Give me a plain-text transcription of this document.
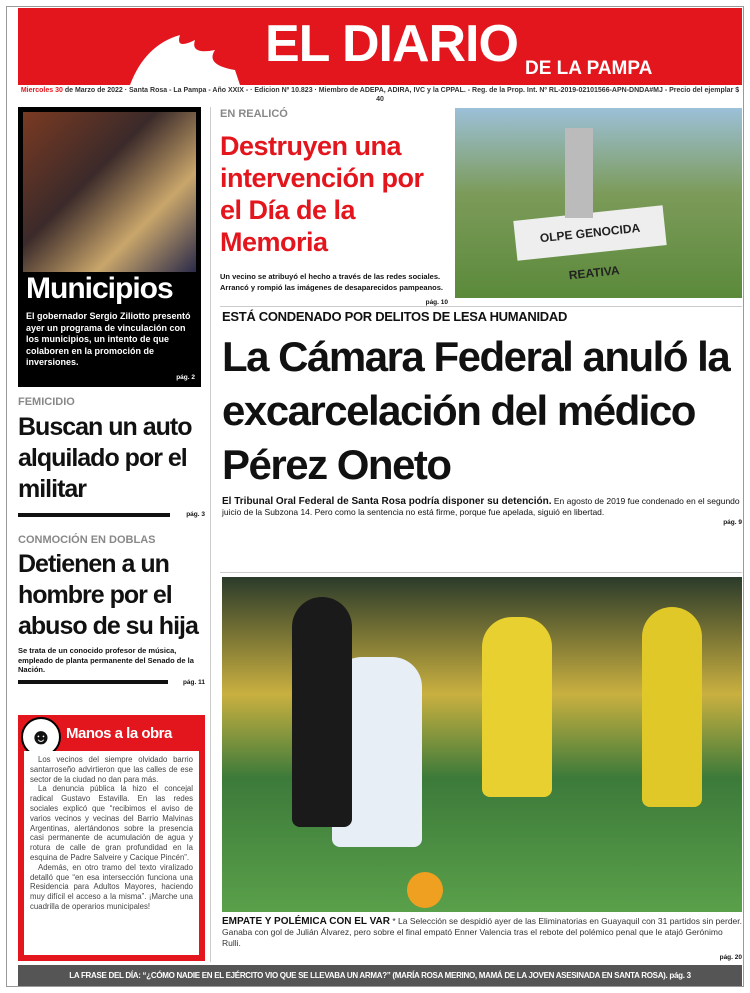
EL DIARIO DE LA PAMPA
Miercoles 30 de Marzo de 2022 · Santa Rosa - La Pampa - Año XXIX - · Edicion Nº 10.823 · Miembro de ADEPA, ADIRA, IVC y la CPPAL. - Reg. de la Prop. Int. Nº RL-2019-02101566-APN-DNDA#MJ - Precio del ejemplar $ 40
Municipios

El gobernador Sergio Ziliotto presentó ayer un programa de vinculación con los municipios, un intento de que colaboren en la promoción de inversiones.

pág. 2
FEMICIDIO
Buscan un auto alquilado por el militar
pág. 3
CONMOCIÓN EN DOBLAS
Detienen a un hombre por el abuso de su hija
Se trata de un conocido profesor de música, empleado de planta permanente del Senado de la Nación.
pág. 11
☻ Manos a la obra

Los vecinos del siempre olvidado barrio santarroseño advirtieron que las calles de ese sector de la ciudad no dan para más.

La denuncia pública la hizo el concejal radical Gustavo Estavilla. En las redes sociales explicó que “recibimos el aviso de varios vecinos y vecinas del Barrio Malvinas Argentinas, alertándonos sobre la presencia casi permanente de acumulación de agua y rotura de calle de gran profundidad en la esquina de Padre Salveire y Cacique Pincén”.

Además, en otro tramo del texto viralizado detalló que “en esa intersección funciona una Residencia para Adultos Mayores, haciendo muy difícil el acceso a la misma”. ¡Marche una cuadrilla de operarios municipales!

EN REALICÓ
Destruyen una intervención por el Día de la Memoria
Un vecino se atribuyó el hecho a través de las redes sociales. Arrancó y rompió las imágenes de desaparecidos pampeanos.
pág. 10
OLPE GENOCIDA REATIVA
ESTÁ CONDENADO POR DELITOS DE LESA HUMANIDAD
La Cámara Federal anuló la excarcelación del médico Pérez Oneto
El Tribunal Oral Federal de Santa Rosa podría disponer su detención. En agosto de 2019 fue condenado en el segundo juicio de la Subzona 14. Pero como la sentencia no está firme, porque fue apelada, siguió en libertad.
pág. 9
EMPATE Y POLÉMICA CON EL VAR * La Selección se despidió ayer de las Eliminatorias en Guayaquil con 31 partidos sin perder. Ganaba con gol de Julián Álvarez, pero sobre el final empató Enner Valencia tras el rebote del polémico penal que le atajó Gerónimo Rulli.
pág. 20
LA FRASE DEL DÍA: “¿CÓMO NADIE EN EL EJÉRCITO VIO QUE SE LLEVABA UN ARMA?” (MARÍA ROSA MERINO, MAMÁ DE LA JOVEN ASESINADA EN SANTA ROSA). pág. 3
